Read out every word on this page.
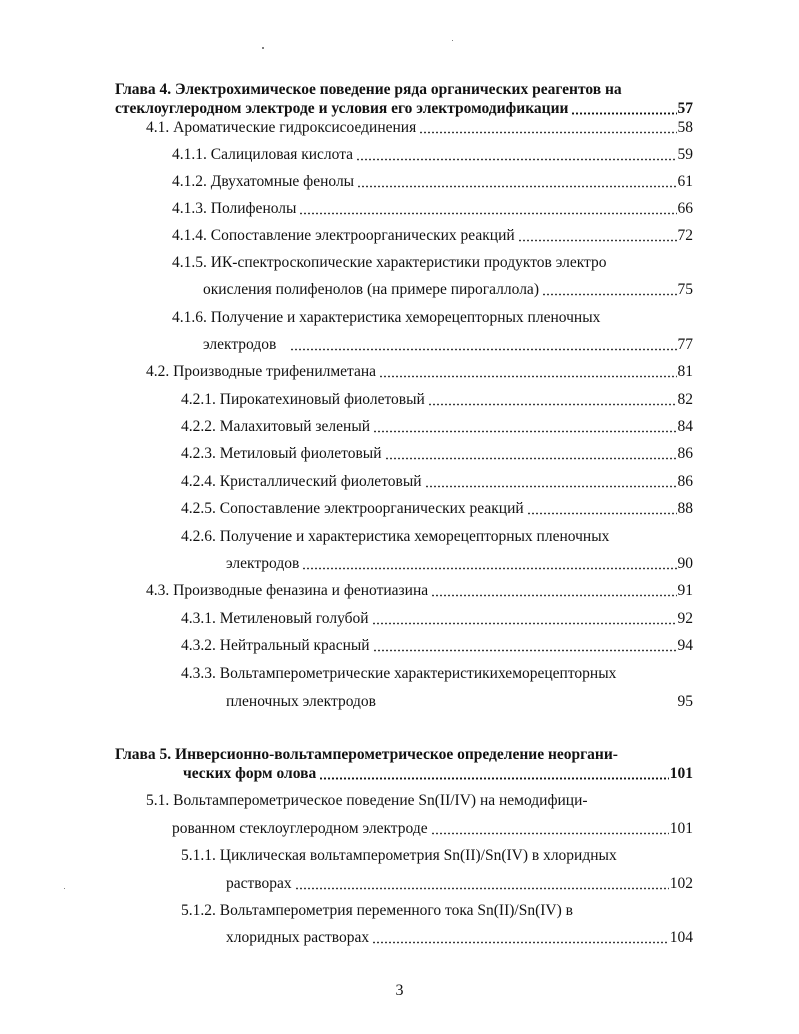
Глава 4. Электрохимическое поведение ряда органических реагентов на
стеклоуглеродном электроде и условия его электромодификации	57
4.1. Ароматические гидроксисоединения	58
4.1.1. Салициловая кислота	59
4.1.2. Двухатомные фенолы	61
4.1.3. Полифенолы	66
4.1.4. Сопоставление электроорганических реакций	72
4.1.5. ИК-спектроскопические характеристики продуктов электро
окисления полифенолов (на примере пирогаллола)	75
4.1.6. Получение и характеристика хеморецепторных пленочных
электродов	77
4.2. Производные трифенилметана	81
4.2.1. Пирокатехиновый фиолетовый	82
4.2.2. Малахитовый зеленый	84
4.2.3. Метиловый фиолетовый	86
4.2.4. Кристаллический фиолетовый	86
4.2.5. Сопоставление электроорганических реакций	88
4.2.6. Получение и характеристика хеморецепторных пленочных
электродов	90
4.3. Производные феназина и фенотиазина	91
4.3.1. Метиленовый голубой	92
4.3.2. Нейтральный красный	94
4.3.3. Вольтамперометрические характеристикихеморецепторных
пленочных электродов	95
Глава 5. Инверсионно-вольтамперометрическое определение неоргани-
ческих форм олова	101
5.1. Вольтамперометрическое поведение Sn(II/IV) на немодифици-
рованном стеклоуглеродном электроде	101
5.1.1. Циклическая вольтамперометрия Sn(II)/Sn(IV) в хлоридных
растворах	102
5.1.2. Вольтамперометрия переменного тока Sn(II)/Sn(IV) в
хлоридных растворах	104
3
